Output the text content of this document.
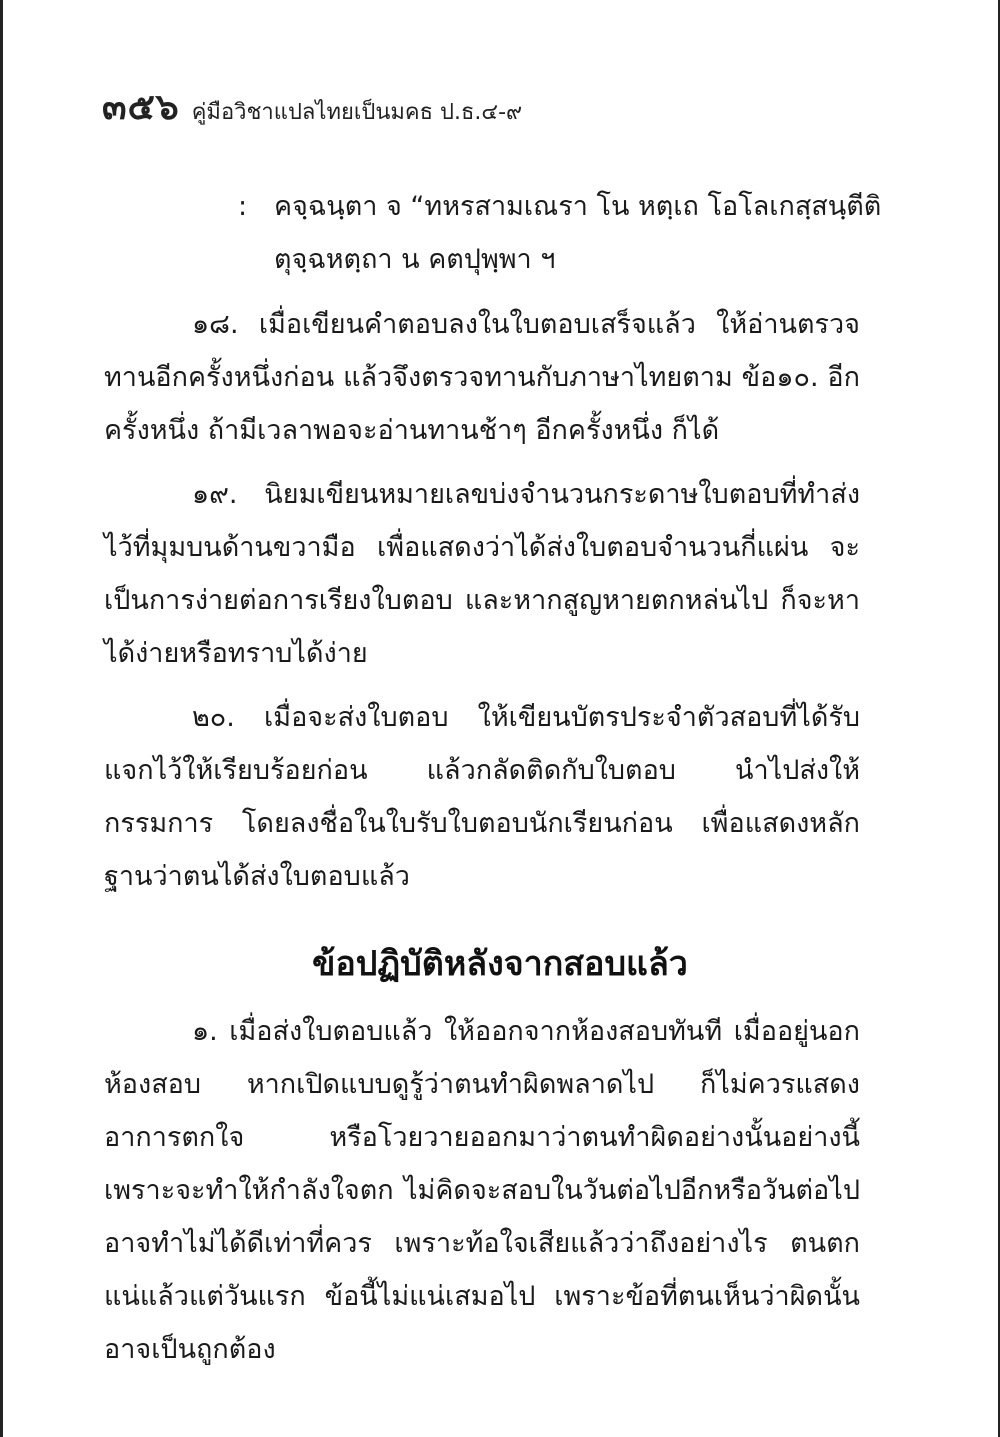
๓๕๖ คู่มือวิชาแปลไทยเป็นมคธ ป.ธ.๔-๙
: คจฺฉนฺตา จ “ทหรสามเณรา โน หตฺเถ โอโลเกสฺสนฺตีติ
ตุจฺฉหตฺถา น คตปุพฺพา ฯ

๑๘. เมื่อเขียนคำตอบลงในใบตอบเสร็จแล้ว ให้อ่านตรวจทานอีกครั้งหนึ่งก่อน แล้วจึงตรวจทานกับภาษาไทยตาม ข้อ๑๐. อีกครั้งหนึ่ง ถ้ามีเวลาพอจะอ่านทานช้าๆ อีกครั้งหนึ่ง ก็ได้

๑๙. นิยมเขียนหมายเลขบ่งจำนวนกระดาษใบตอบที่ทำส่งไว้ที่มุมบนด้านขวามือ เพื่อแสดงว่าได้ส่งใบตอบจำนวนกี่แผ่น จะเป็นการง่ายต่อการเรียงใบตอบ และหากสูญหายตกหล่นไป ก็จะหาได้ง่ายหรือทราบได้ง่าย

๒๐. เมื่อจะส่งใบตอบ ให้เขียนบัตรประจำตัวสอบที่ได้รับแจกไว้ให้เรียบร้อยก่อน แล้วกลัดติดกับใบตอบ นำไปส่งให้กรรมการ โดยลงชื่อในใบรับใบตอบนักเรียนก่อน เพื่อแสดงหลักฐานว่าตนได้ส่งใบตอบแล้ว

ข้อปฏิบัติหลังจากสอบแล้ว

๑. เมื่อส่งใบตอบแล้ว ให้ออกจากห้องสอบทันที เมื่ออยู่นอกห้องสอบ หากเปิดแบบดูรู้ว่าตนทำผิดพลาดไป ก็ไม่ควรแสดงอาการตกใจ หรือโวยวายออกมาว่าตนทำผิดอย่างนั้นอย่างนี้ เพราะจะทำให้กำลังใจตก ไม่คิดจะสอบในวันต่อไปอีกหรือวันต่อไป อาจทำไม่ได้ดีเท่าที่ควร เพราะท้อใจเสียแล้วว่าถึงอย่างไร ตนตกแน่แล้วแต่วันแรก ข้อนี้ไม่แน่เสมอไป เพราะข้อที่ตนเห็นว่าผิดนั้น อาจเป็นถูกต้อง
